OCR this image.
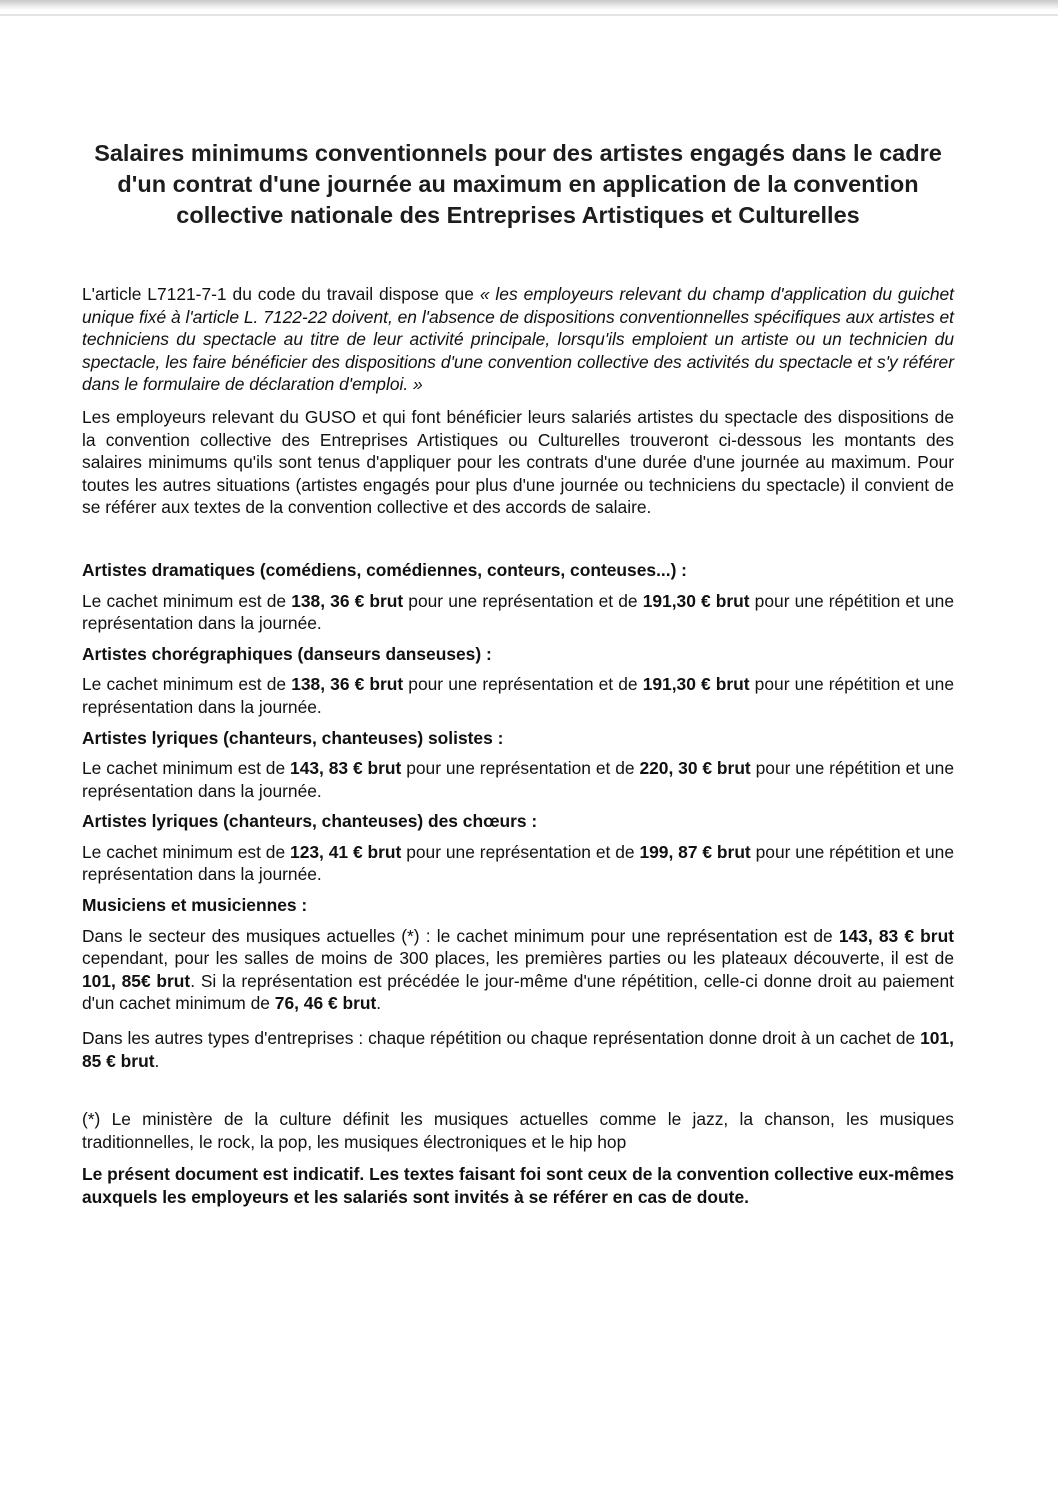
Salaires minimums conventionnels pour des artistes engagés dans le cadre d'un contrat d'une journée au maximum en application de la convention collective nationale des Entreprises Artistiques et Culturelles

L'article L7121-7-1 du code du travail dispose que « les employeurs relevant du champ d'application du guichet unique fixé à l'article L. 7122-22 doivent, en l'absence de dispositions conventionnelles spécifiques aux artistes et techniciens du spectacle au titre de leur activité principale, lorsqu'ils emploient un artiste ou un technicien du spectacle, les faire bénéficier des dispositions d'une convention collective des activités du spectacle et s'y référer dans le formulaire de déclaration d'emploi. »

Les employeurs relevant du GUSO et qui font bénéficier leurs salariés artistes du spectacle des dispositions de la convention collective des Entreprises Artistiques ou Culturelles trouveront ci-dessous les montants des salaires minimums qu'ils sont tenus d'appliquer pour les contrats d'une durée d'une journée au maximum. Pour toutes les autres situations (artistes engagés pour plus d'une journée ou techniciens du spectacle) il convient de se référer aux textes de la convention collective et des accords de salaire.

Artistes dramatiques (comédiens, comédiennes, conteurs, conteuses...) :

Le cachet minimum est de 138, 36 € brut pour une représentation et de 191,30 € brut pour une répétition et une représentation dans la journée.

Artistes chorégraphiques (danseurs danseuses) :

Le cachet minimum est de 138, 36 € brut pour une représentation et de 191,30 € brut pour une répétition et une représentation dans la journée.

Artistes lyriques (chanteurs, chanteuses) solistes :

Le cachet minimum est de 143, 83 € brut pour une représentation et de 220, 30 € brut pour une répétition et une représentation dans la journée.

Artistes lyriques (chanteurs, chanteuses) des chœurs :

Le cachet minimum est de 123, 41 € brut pour une représentation et de 199, 87 € brut pour une répétition et une représentation dans la journée.

Musiciens et musiciennes :

Dans le secteur des musiques actuelles (*) : le cachet minimum pour une représentation est de 143, 83 € brut cependant, pour les salles de moins de 300 places, les premières parties ou les plateaux découverte, il est de 101, 85€ brut. Si la représentation est précédée le jour-même d'une répétition, celle-ci donne droit au paiement d'un cachet minimum de 76, 46 € brut.

Dans les autres types d'entreprises : chaque répétition ou chaque représentation donne droit à un cachet de 101, 85 € brut.

(*) Le ministère de la culture définit les musiques actuelles comme le jazz, la chanson, les musiques traditionnelles, le rock, la pop, les musiques électroniques et le hip hop

Le présent document est indicatif. Les textes faisant foi sont ceux de la convention collective eux-mêmes auxquels les employeurs et les salariés sont invités à se référer en cas de doute.
